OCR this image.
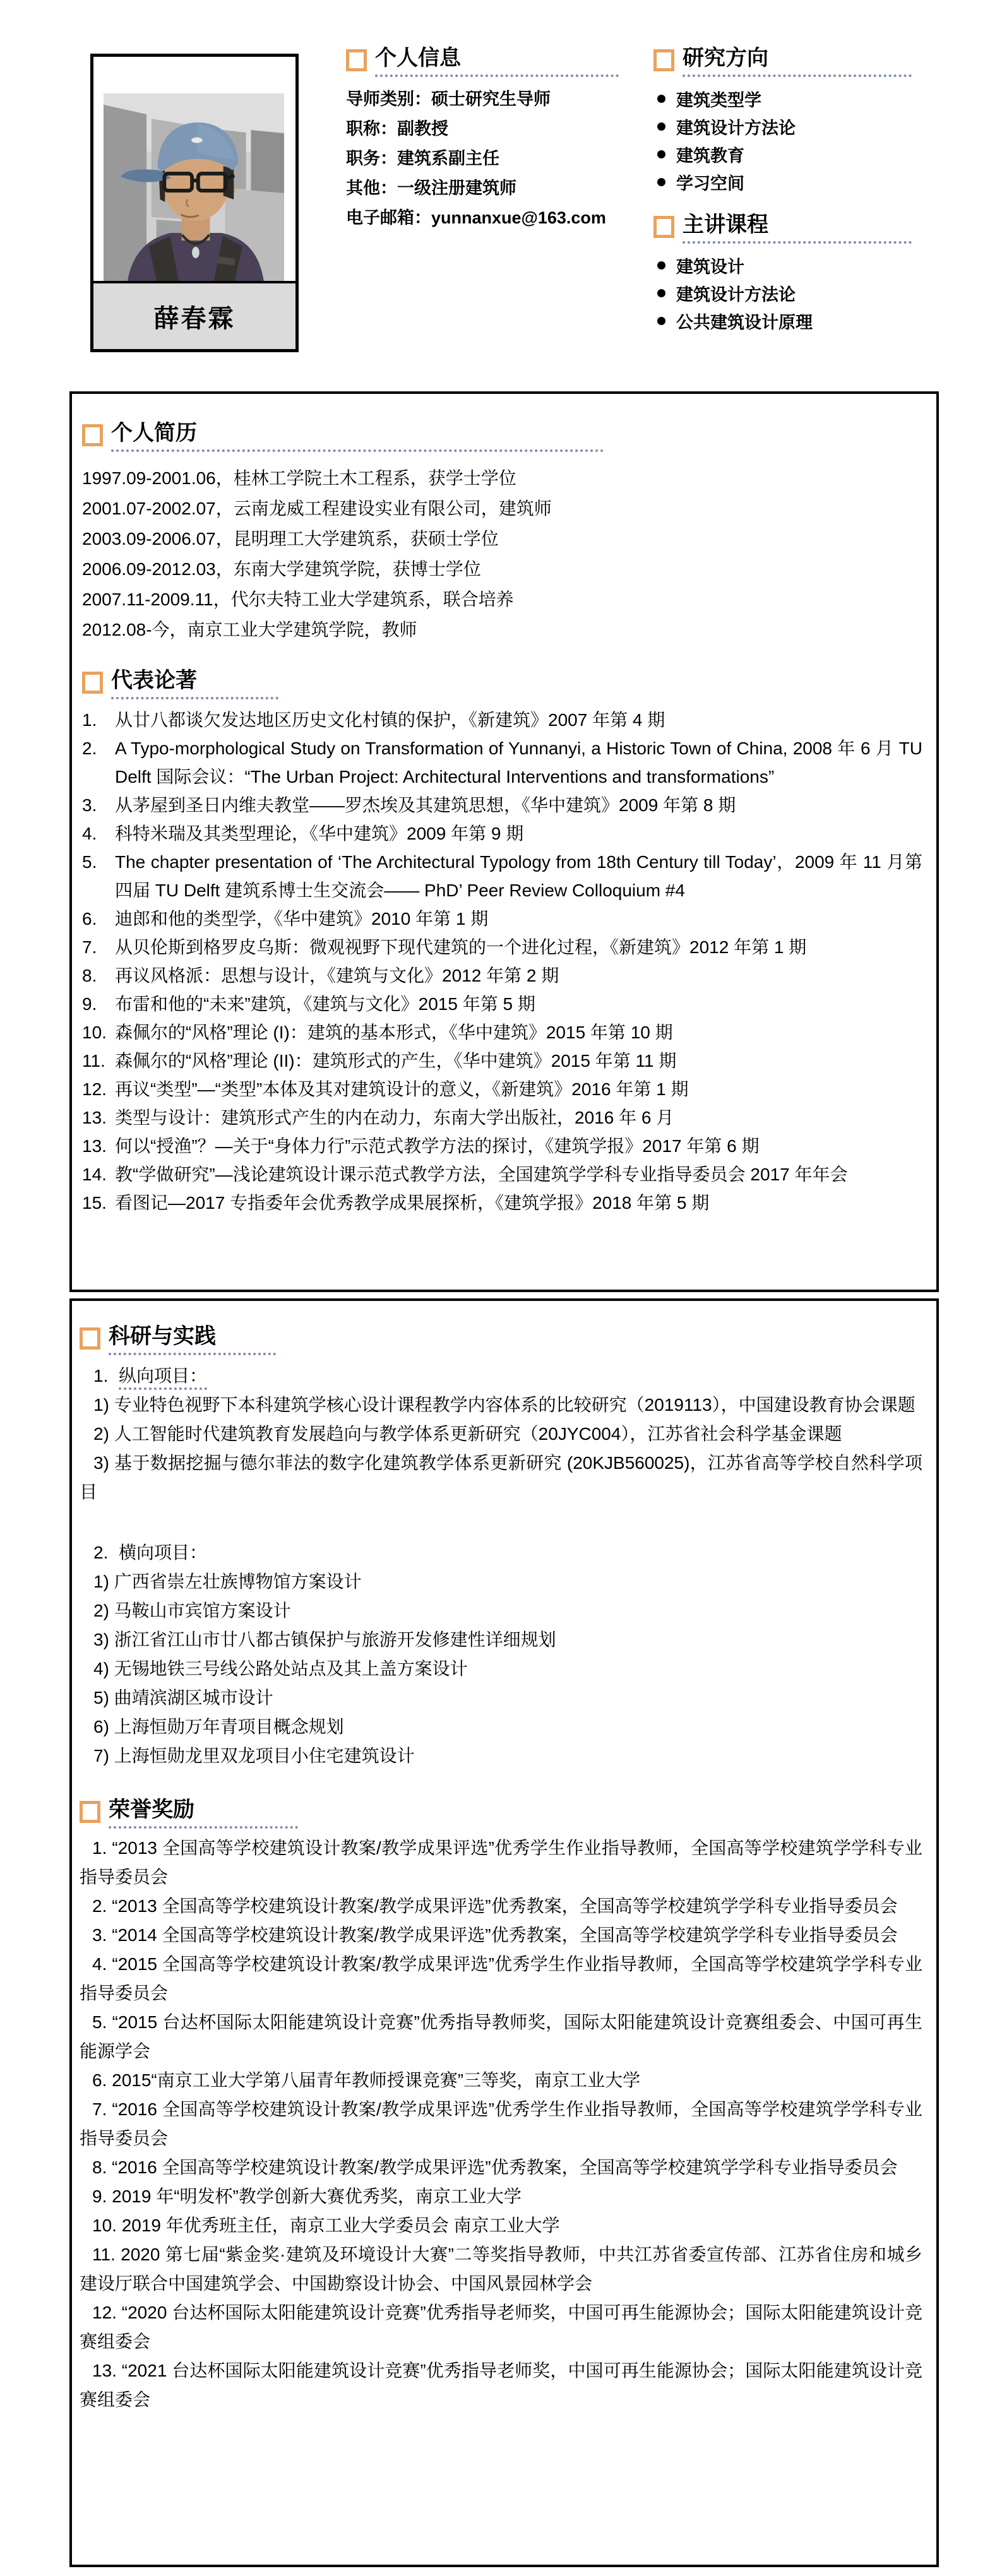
薛春霖
个人信息
导师类别：硕士研究生导师
职称：副教授
职务：建筑系副主任
其他：一级注册建筑师
电子邮箱：yunnanxue@163.com
研究方向
建筑类型学
建筑设计方法论
建筑教育
学习空间
主讲课程
建筑设计
建筑设计方法论
公共建筑设计原理
个人简历
1997.09-2001.06，桂林工学院土木工程系，获学士学位
2001.07-2002.07，云南龙威工程建设实业有限公司，建筑师
2003.09-2006.07，昆明理工大学建筑系，获硕士学位
2006.09-2012.03，东南大学建筑学院，获博士学位
2007.11-2009.11，代尔夫特工业大学建筑系，联合培养
2012.08-今，南京工业大学建筑学院，教师
代表论著
1. 从廿八都谈欠发达地区历史文化村镇的保护，《新建筑》2007 年第 4 期
2. A Typo-morphological Study on Transformation of Yunnanyi, a Historic Town of China, 2008 年 6 月 TU Delft 国际会议：“The Urban Project: Architectural Interventions and transformations”
3. 从茅屋到圣日内维夫教堂——罗杰埃及其建筑思想，《华中建筑》2009 年第 8 期
4. 科特米瑞及其类型理论，《华中建筑》2009 年第 9 期
5. The chapter presentation of ‘The Architectural Typology from 18th Century till Today’，2009 年 11 月第四届 TU Delft 建筑系博士生交流会—— PhD’ Peer Review Colloquium #4
6. 迪郎和他的类型学，《华中建筑》2010 年第 1 期
7. 从贝伦斯到格罗皮乌斯：微观视野下现代建筑的一个进化过程，《新建筑》2012 年第 1 期
8. 再议风格派：思想与设计，《建筑与文化》2012 年第 2 期
9. 布雷和他的“未来”建筑，《建筑与文化》2015 年第 5 期
10. 森佩尔的“风格”理论 (I)：建筑的基本形式，《华中建筑》2015 年第 10 期
11. 森佩尔的“风格”理论 (II)：建筑形式的产生，《华中建筑》2015 年第 11 期
12. 再议“类型”—“类型”本体及其对建筑设计的意义，《新建筑》2016 年第 1 期
13. 类型与设计：建筑形式产生的内在动力，东南大学出版社，2016 年 6 月
13. 何以“授渔”？—关于“身体力行”示范式教学方法的探讨，《建筑学报》2017 年第 6 期
14. 教“学做研究”—浅论建筑设计课示范式教学方法，全国建筑学学科专业指导委员会 2017 年年会
15. 看图记—2017 专指委年会优秀教学成果展探析，《建筑学报》2018 年第 5 期
科研与实践
1. 纵向项目：
1) 专业特色视野下本科建筑学核心设计课程教学内容体系的比较研究（2019113），中国建设教育协会课题
2) 人工智能时代建筑教育发展趋向与教学体系更新研究（20JYC004），江苏省社会科学基金课题
3) 基于数据挖掘与德尔菲法的数字化建筑教学体系更新研究 (20KJB560025)，江苏省高等学校自然科学项目
2. 横向项目：
1) 广西省崇左壮族博物馆方案设计
2) 马鞍山市宾馆方案设计
3) 浙江省江山市廿八都古镇保护与旅游开发修建性详细规划
4) 无锡地铁三号线公路处站点及其上盖方案设计
5) 曲靖滨湖区城市设计
6) 上海恒勋万年青项目概念规划
7) 上海恒勋龙里双龙项目小住宅建筑设计
荣誉奖励
1. “2013 全国高等学校建筑设计教案/教学成果评选”优秀学生作业指导教师，全国高等学校建筑学学科专业指导委员会
2. “2013 全国高等学校建筑设计教案/教学成果评选”优秀教案，全国高等学校建筑学学科专业指导委员会
3. “2014 全国高等学校建筑设计教案/教学成果评选”优秀教案，全国高等学校建筑学学科专业指导委员会
4. “2015 全国高等学校建筑设计教案/教学成果评选”优秀学生作业指导教师，全国高等学校建筑学学科专业指导委员会
5. “2015 台达杯国际太阳能建筑设计竞赛”优秀指导教师奖，国际太阳能建筑设计竞赛组委会、中国可再生能源学会
6. 2015“南京工业大学第八届青年教师授课竞赛”三等奖，南京工业大学
7. “2016 全国高等学校建筑设计教案/教学成果评选”优秀学生作业指导教师，全国高等学校建筑学学科专业指导委员会
8. “2016 全国高等学校建筑设计教案/教学成果评选”优秀教案，全国高等学校建筑学学科专业指导委员会
9. 2019 年“明发杯”教学创新大赛优秀奖，南京工业大学
10. 2019 年优秀班主任，南京工业大学委员会 南京工业大学
11. 2020 第七届“紫金奖·建筑及环境设计大赛”二等奖指导教师，中共江苏省委宣传部、江苏省住房和城乡建设厅联合中国建筑学会、中国勘察设计协会、中国风景园林学会
12. “2020 台达杯国际太阳能建筑设计竞赛”优秀指导老师奖，中国可再生能源协会；国际太阳能建筑设计竞赛组委会
13. “2021 台达杯国际太阳能建筑设计竞赛”优秀指导老师奖，中国可再生能源协会；国际太阳能建筑设计竞赛组委会
